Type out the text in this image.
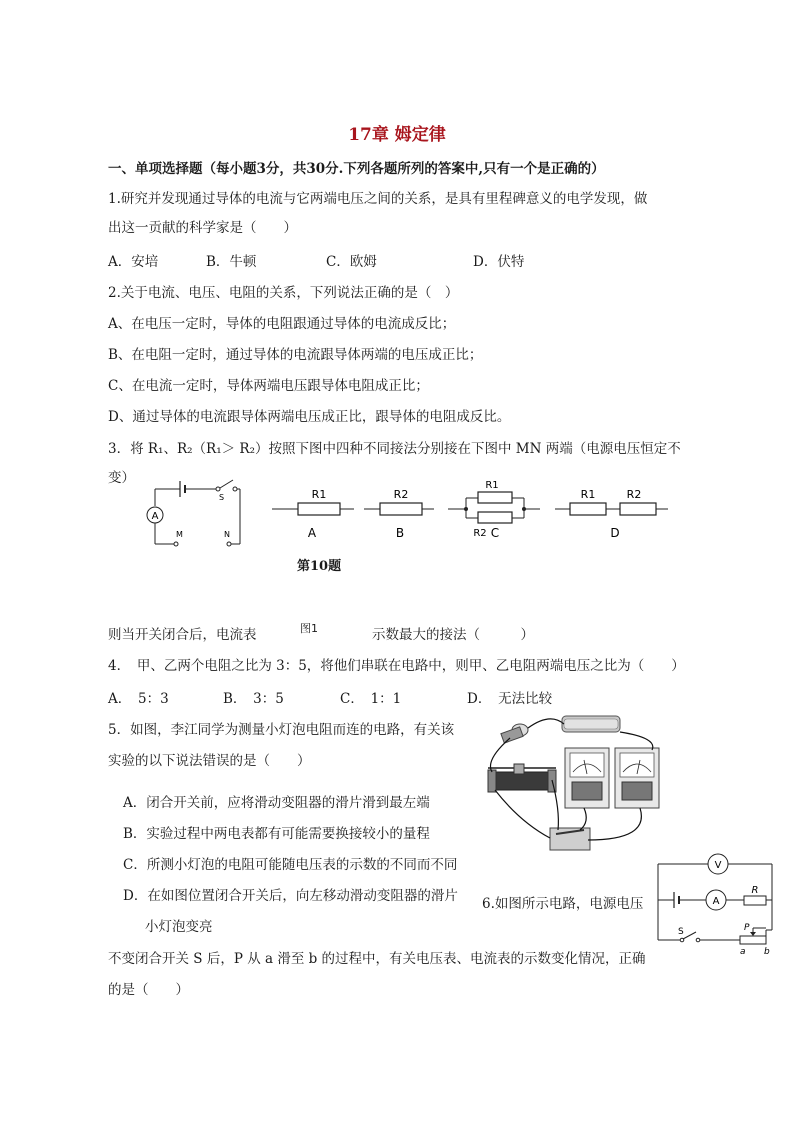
17章 姆定律
一、单项选择题（每小题3分，共30分.下列各题所列的答案中,只有一个是正确的）
1.研究并发现通过导体的电流与它两端电压之间的关系，是具有里程碑意义的电学发现，做
出这一贡献的科学家是（　　）
A．安培	B．牛顿	C．欧姆	D．伏特
2.关于电流、电压、电阻的关系，下列说法正确的是（　）
A、在电压一定时，导体的电阻跟通过导体的电流成反比；
B、在电阻一定时，通过导体的电流跟导体两端的电压成正比；
C、在电流一定时，导体两端电压跟导体电阻成正比；
D、通过导体的电流跟导体两端电压成正比，跟导体的电阻成反比。
3．将 R₁、R₂（R₁＞ R₂）按照下图中四种不同接法分别接在下图中 MN 两端（电源电压恒定不
变）
A
S
M	N
R1
A
R2
B
R1
R2 C
R1	R2
D
第10题
图1
则当开关闭合后，电流表	示数最大的接法（　　　）
4．　甲、乙两个电阻之比为 3：5，将他们串联在电路中，则甲、乙电阻两端电压之比为（　　）
A．　5：3	B．　3：5	C．　1：1	D．　无法比较
5．如图，李江同学为测量小灯泡电阻而连的电路，有关该
实验的以下说法错误的是（　　）
A．闭合开关前，应将滑动变阻器的滑片滑到最左端
B．实验过程中两电表都有可能需要换接较小的量程
C．所测小灯泡的电阻可能随电压表的示数的不同而不同
D．在如图位置闭合开关后，向左移动滑动变阻器的滑片
小灯泡变亮
6.如图所示电路，电源电压
不变闭合开关 S 后，P 从 a 滑至 b 的过程中，有关电压表、电流表的示数变化情况，正确
的是（　　）
V
A
R
S	P
a b
